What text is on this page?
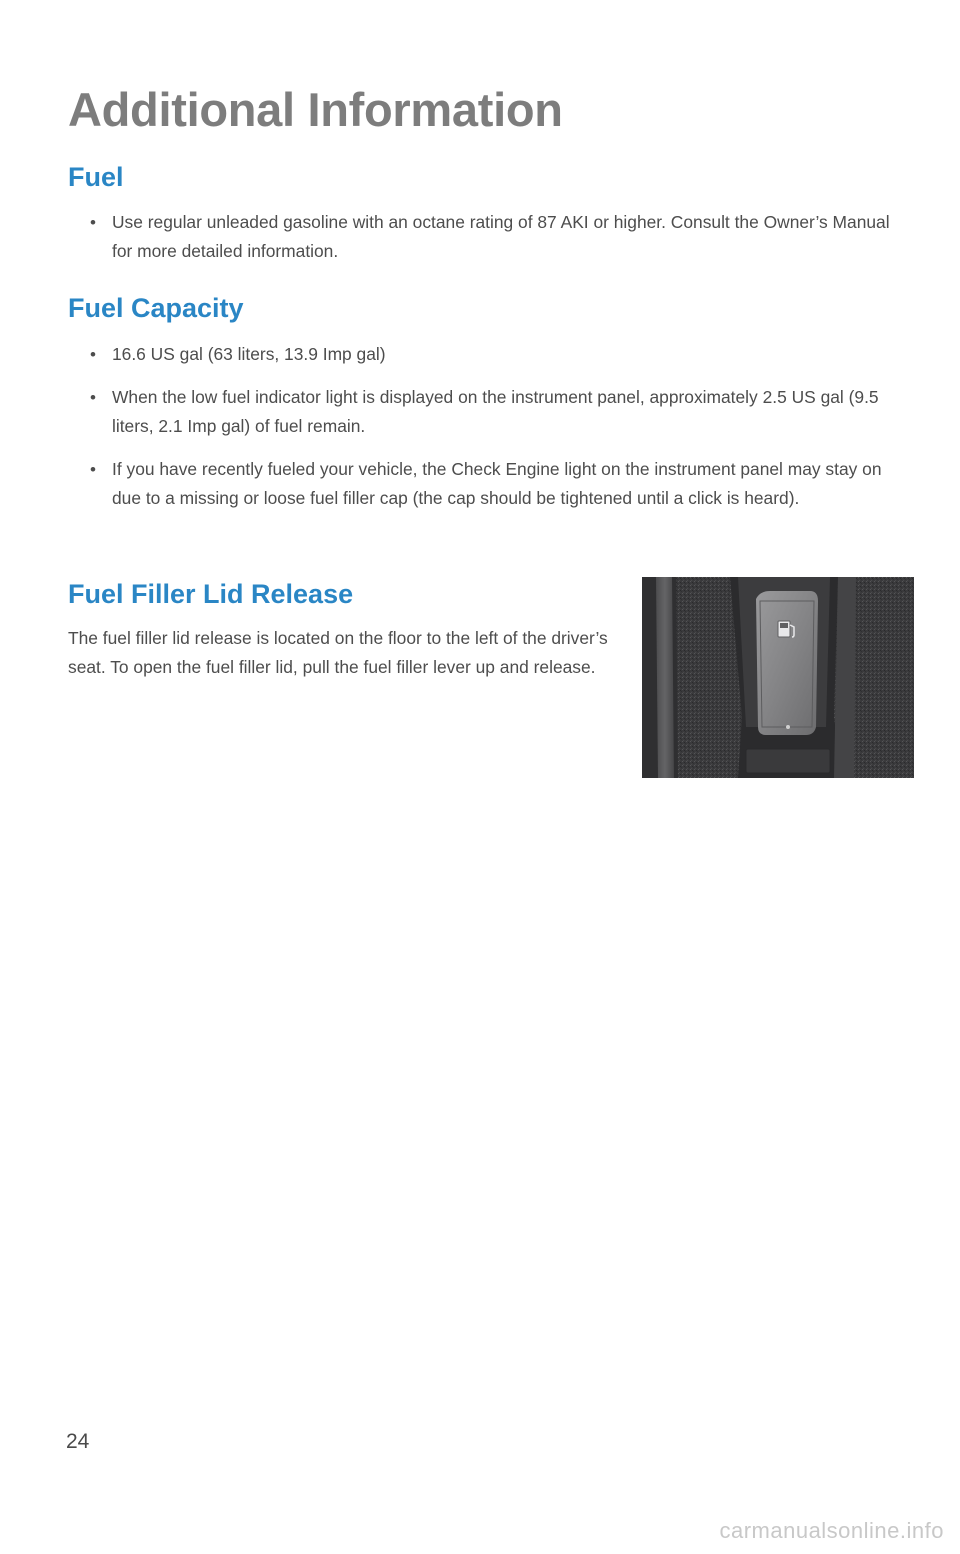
Additional Information
Fuel
• Use regular unleaded gasoline with an octane rating of 87 AKI or higher. Consult the Owner’s Manual for more detailed information.
Fuel Capacity
• 16.6 US gal (63 liters, 13.9 Imp gal)
• When the low fuel indicator light is displayed on the instrument panel, approximately 2.5 US gal (9.5 liters, 2.1 Imp gal) of fuel remain.
• If you have recently fueled your vehicle, the Check Engine light on the instrument panel may stay on due to a missing or loose fuel filler cap (the cap should be tightened until a click is heard).
Fuel Filler Lid Release

The fuel filler lid release is located on the floor to the left of the driver’s seat. To open the fuel filler lid, pull the fuel filler lever up and release.

24
carmanualsonline.info
